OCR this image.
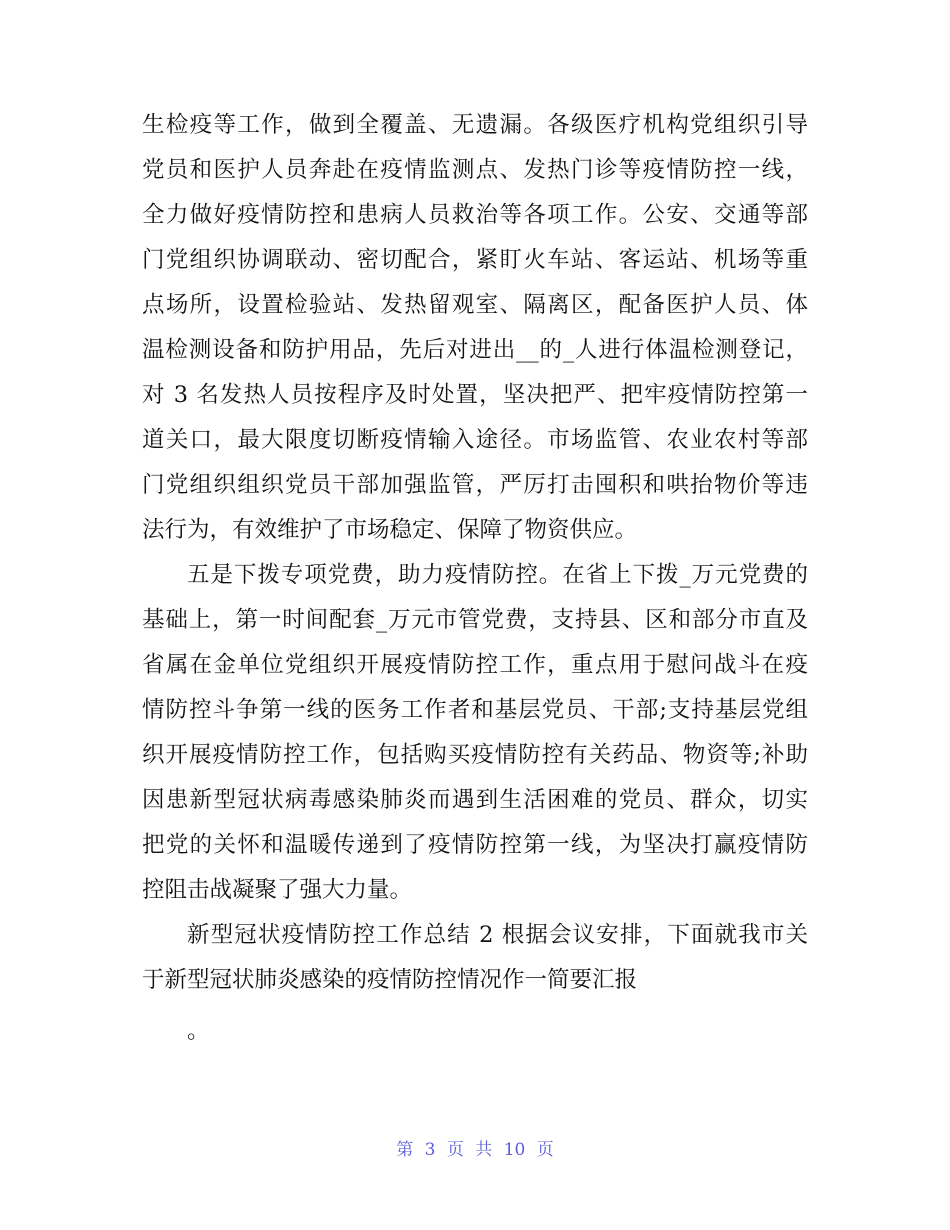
生检疫等工作，做到全覆盖、无遗漏。各级医疗机构党组织引导
党员和医护人员奔赴在疫情监测点、发热门诊等疫情防控一线，
全力做好疫情防控和患病人员救治等各项工作。公安、交通等部
门党组织协调联动、密切配合，紧盯火车站、客运站、机场等重
点场所，设置检验站、发热留观室、隔离区，配备医护人员、体
温检测设备和防护用品，先后对进出__的_人进行体温检测登记，
对 3 名发热人员按程序及时处置，坚决把严、把牢疫情防控第一
道关口，最大限度切断疫情输入途径。市场监管、农业农村等部
门党组织组织党员干部加强监管，严厉打击囤积和哄抬物价等违
法行为，有效维护了市场稳定、保障了物资供应。
五是下拨专项党费，助力疫情防控。在省上下拨_万元党费的
基础上，第一时间配套_万元市管党费，支持县、区和部分市直及
省属在金单位党组织开展疫情防控工作，重点用于慰问战斗在疫
情防控斗争第一线的医务工作者和基层党员、干部;支持基层党组
织开展疫情防控工作，包括购买疫情防控有关药品、物资等;补助
因患新型冠状病毒感染肺炎而遇到生活困难的党员、群众，切实
把党的关怀和温暖传递到了疫情防控第一线，为坚决打赢疫情防
控阻击战凝聚了强大力量。
新型冠状疫情防控工作总结 2 根据会议安排，下面就我市关
于新型冠状肺炎感染的疫情防控情况作一简要汇报
。
第 3 页 共 10 页
